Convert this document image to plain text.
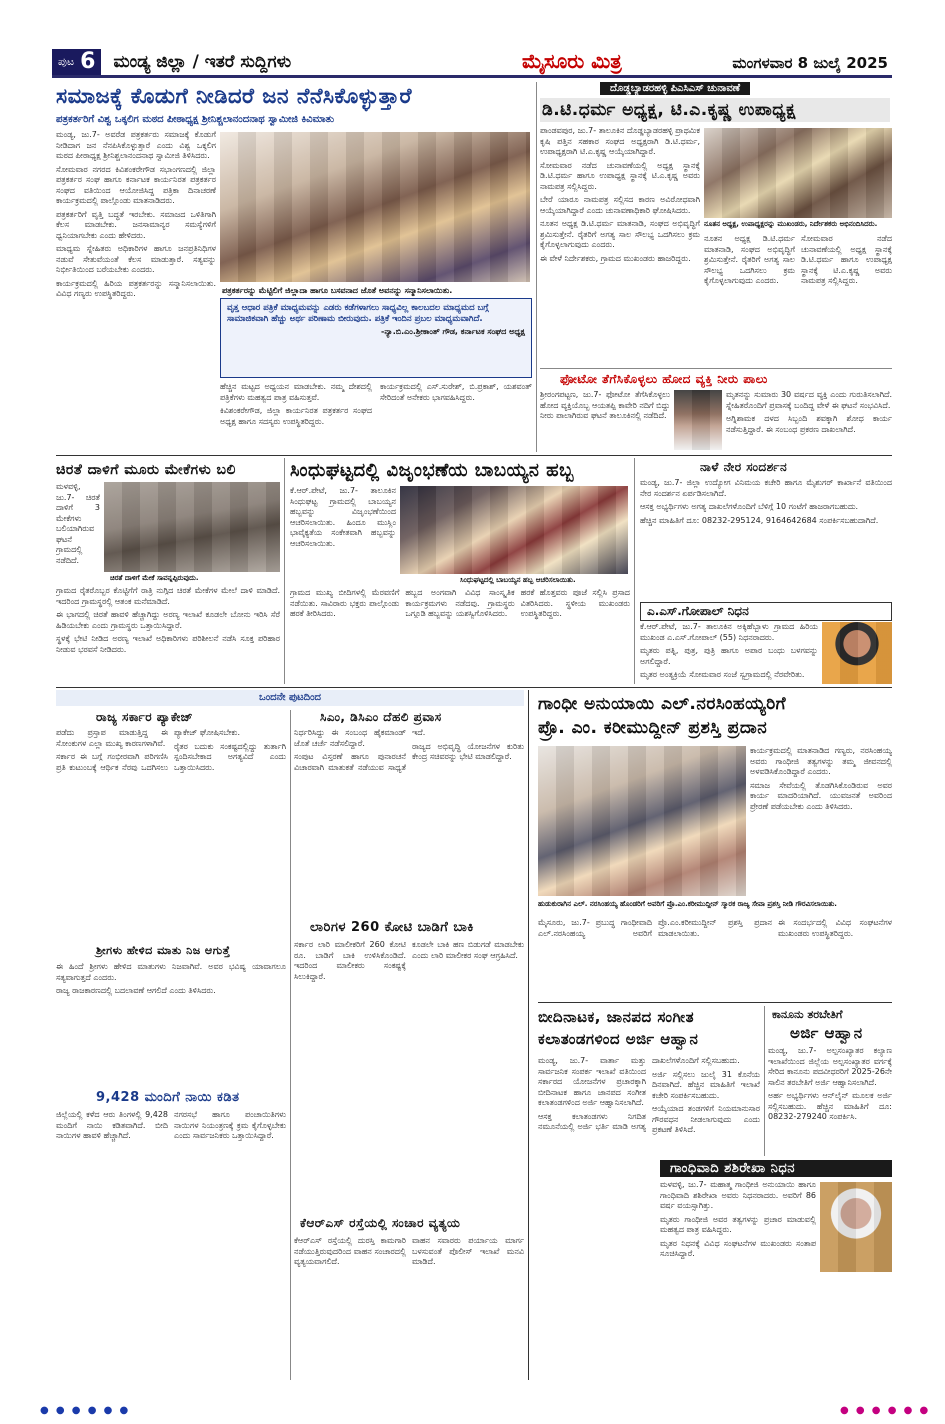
ಪುಟ 6 ಮಂಡ್ಯ ಜಿಲ್ಲಾ / ಇತರೆ ಸುದ್ದಿಗಳು	ಮೈಸೂರು ಮಿತ್ರ	ಮಂಗಳವಾರ 8 ಜುಲೈ 2025
ಸಮಾಜಕ್ಕೆ ಕೊಡುಗೆ ನೀಡಿದರೆ ಜನ ನೆನೆಸಿಕೊಳ್ಳುತ್ತಾರೆ
ಪತ್ರಕರ್ತರಿಗೆ ವಿಶ್ವ ಒಕ್ಕಲಿಗ ಮಠದ ಪೀಠಾಧ್ಯಕ್ಷ ಶ್ರೀನಿಶ್ಚಲಾನಂದನಾಥ ಸ್ವಾಮೀಜಿ ಕಿವಿಮಾತು
ಮಂಡ್ಯ, ಜು.7- ಅವರೆಡ ಪತ್ರಕರ್ತರು ಸಮಾಜಕ್ಕೆ ಕೊಡುಗೆ ನೀಡಿದಾಗ ಜನ ನೆನಪಿಸಿಕೊಳ್ಳುತ್ತಾರೆ ಎಂದು ವಿಶ್ವ ಒಕ್ಕಲಿಗ ಮಠದ ಪೀಠಾಧ್ಯಕ್ಷ ಶ್ರೀನಿಶ್ಚಲಾನಂದನಾಥ ಸ್ವಾಮೀಜಿ ತಿಳಿಸಿದರು.
ಸೋಮವಾರ ನಗರದ ಕಿವಿಶಂಕರೇಗೌಡ ಸಭಾಂಗಣದಲ್ಲಿ ಜಿಲ್ಲಾ ಪತ್ರಕರ್ತರ ಸಂಘ ಹಾಗೂ ಕರ್ನಾಟಕ ಕಾರ್ಯನಿರತ ಪತ್ರಕರ್ತರ ಸಂಘದ ವತಿಯಿಂದ ಆಯೋಜಿಸಿದ್ದ ಪತ್ರಿಕಾ ದಿನಾಚರಣೆ ಕಾರ್ಯಕ್ರಮದಲ್ಲಿ ಪಾಲ್ಗೊಂಡು ಮಾತನಾಡಿದರು.
ಪತ್ರಕರ್ತರಿಗೆ ವೃತ್ತಿ ಬದ್ಧತೆ ಇರಬೇಕು. ಸಮಾಜದ ಒಳಿತಿಗಾಗಿ ಕೆಲಸ ಮಾಡಬೇಕು. ಜನಸಾಮಾನ್ಯರ ಸಮಸ್ಯೆಗಳಿಗೆ ಧ್ವನಿಯಾಗಬೇಕು ಎಂದು ಹೇಳಿದರು.
ಮಾಧ್ಯಮ ಸ್ನೇಹಿತರು ಅಧಿಕಾರಿಗಳ ಹಾಗೂ ಜನಪ್ರತಿನಿಧಿಗಳ ನಡುವೆ ಸೇತುವೆಯಂತೆ ಕೆಲಸ ಮಾಡುತ್ತಾರೆ. ಸತ್ಯವನ್ನು ನಿರ್ಭೀತಿಯಿಂದ ಬರೆಯಬೇಕು ಎಂದರು.
ಕಾರ್ಯಕ್ರಮದಲ್ಲಿ ಹಿರಿಯ ಪತ್ರಕರ್ತರನ್ನು ಸನ್ಮಾನಿಸಲಾಯಿತು. ವಿವಿಧ ಗಣ್ಯರು ಉಪಸ್ಥಿತರಿದ್ದರು.	ಪತ್ರಕರ್ತರನ್ನು ಮೆಟ್ಟಿಲಿಗೆ ಜಿಲ್ಲಾದಾ ಹಾಗೂ ಬಸವನಾದ ಜೊತೆ ಅವನನ್ನು ಸನ್ಮಾನಿಸಲಾಯಿತು.
ವೃತ್ತ ಆಧಾರ ಪತ್ರಿಕೆ ಮಾಧ್ಯಮವನ್ನು ಎಡರು ಕಡೆಗಳಾಗಲು ಸಾಧ್ಯವಿಲ್ಲ ಕಾಲಬದಲ ಮಾಧ್ಯಮದ ಬಗ್ಗೆ ಸಾಮಾಜಿಕವಾಗಿ ಹೆಚ್ಚು ಅರ್ಥ ಪರಿಣಾಮ ಬೀರುವುದು. ಪತ್ರಿಕೆ ಇಂದಿನ ಪ್ರಬಲ ಮಾಧ್ಯಮವಾಗಿದೆ.
-ನ್ಯಾ.ಬಿ.ಎಂ.ಶ್ರೀಕಾಂತ್ ಗೌಡ, ಕರ್ನಾಟಕ ಸಂಘದ ಅಧ್ಯಕ್ಷ
ಹೆಚ್ಚಿನ ಮಟ್ಟದ ಅಧ್ಯಯನ ಮಾಡಬೇಕು. ನಮ್ಮ ದೇಶದಲ್ಲಿ ಪತ್ರಿಕೆಗಳು ಮಹತ್ವದ ಪಾತ್ರ ವಹಿಸುತ್ತವೆ.
ಕಿವಿಶಂಕರೇಗೌಡ, ಜಿಲ್ಲಾ ಕಾರ್ಯನಿರತ ಪತ್ರಕರ್ತರ ಸಂಘದ ಅಧ್ಯಕ್ಷ ಹಾಗೂ ಸದಸ್ಯರು ಉಪಸ್ಥಿತರಿದ್ದರು.
ಕಾರ್ಯಕ್ರಮದಲ್ಲಿ ಎಸ್.ಸುರೇಶ್, ಬಿ.ಪ್ರಕಾಶ್, ಯಶವಂತ್ ಸೇರಿದಂತೆ ಅನೇಕರು ಭಾಗವಹಿಸಿದ್ದರು.
ದೊಡ್ಡಬ್ಯಾಡರಹಳ್ಳಿ ಪಿಎಸಿಎಸ್ ಚುನಾವಣೆ
ಡಿ.ಟಿ.ಧರ್ಮ ಅಧ್ಯಕ್ಷ, ಟಿ.ಎ.ಕೃಷ್ಣ ಉಪಾಧ್ಯಕ್ಷ
ಪಾಂಡವಪುರ, ಜು.7- ತಾಲೂಕಿನ ದೊಡ್ಡಬ್ಯಾಡರಹಳ್ಳಿ ಪ್ರಾಥಮಿಕ ಕೃಷಿ ಪತ್ತಿನ ಸಹಕಾರ ಸಂಘದ ಅಧ್ಯಕ್ಷರಾಗಿ ಡಿ.ಟಿ.ಧರ್ಮ, ಉಪಾಧ್ಯಕ್ಷರಾಗಿ ಟಿ.ಎ.ಕೃಷ್ಣ ಆಯ್ಕೆಯಾಗಿದ್ದಾರೆ.
ಸೋಮವಾರ ನಡೆದ ಚುನಾವಣೆಯಲ್ಲಿ ಅಧ್ಯಕ್ಷ ಸ್ಥಾನಕ್ಕೆ ಡಿ.ಟಿ.ಧರ್ಮ ಹಾಗೂ ಉಪಾಧ್ಯಕ್ಷ ಸ್ಥಾನಕ್ಕೆ ಟಿ.ಎ.ಕೃಷ್ಣ ಅವರು ನಾಮಪತ್ರ ಸಲ್ಲಿಸಿದ್ದರು.
ಬೇರೆ ಯಾರೂ ನಾಮಪತ್ರ ಸಲ್ಲಿಸದ ಕಾರಣ ಅವಿರೋಧವಾಗಿ ಆಯ್ಕೆಯಾಗಿದ್ದಾರೆ ಎಂದು ಚುನಾವಣಾಧಿಕಾರಿ ಘೋಷಿಸಿದರು.
ನೂತನ ಅಧ್ಯಕ್ಷ ಡಿ.ಟಿ.ಧರ್ಮ ಮಾತನಾಡಿ, ಸಂಘದ ಅಭಿವೃದ್ಧಿಗೆ ಶ್ರಮಿಸುತ್ತೇನೆ. ರೈತರಿಗೆ ಅಗತ್ಯ ಸಾಲ ಸೌಲಭ್ಯ ಒದಗಿಸಲು ಕ್ರಮ ಕೈಗೊಳ್ಳಲಾಗುವುದು ಎಂದರು.
ಈ ವೇಳೆ ನಿರ್ದೇಶಕರು, ಗ್ರಾಮದ ಮುಖಂಡರು ಹಾಜರಿದ್ದರು.
ನೂತನ ಅಧ್ಯಕ್ಷ, ಉಪಾಧ್ಯಕ್ಷರನ್ನು ಮುಖಂಡರು, ನಿರ್ದೇಶಕರು ಅಭಿನಂದಿಸಿದರು.
ನೂತನ ಅಧ್ಯಕ್ಷ ಡಿ.ಟಿ.ಧರ್ಮ ಮಾತನಾಡಿ, ಸಂಘದ ಅಭಿವೃದ್ಧಿಗೆ ಶ್ರಮಿಸುತ್ತೇನೆ. ರೈತರಿಗೆ ಅಗತ್ಯ ಸಾಲ ಸೌಲಭ್ಯ ಒದಗಿಸಲು ಕ್ರಮ ಕೈಗೊಳ್ಳಲಾಗುವುದು ಎಂದರು.
ಸೋಮವಾರ ನಡೆದ ಚುನಾವಣೆಯಲ್ಲಿ ಅಧ್ಯಕ್ಷ ಸ್ಥಾನಕ್ಕೆ ಡಿ.ಟಿ.ಧರ್ಮ ಹಾಗೂ ಉಪಾಧ್ಯಕ್ಷ ಸ್ಥಾನಕ್ಕೆ ಟಿ.ಎ.ಕೃಷ್ಣ ಅವರು ನಾಮಪತ್ರ ಸಲ್ಲಿಸಿದ್ದರು.
ಫೋಟೋ ತೆಗೆಸಿಕೊಳ್ಳಲು ಹೋದ ವ್ಯಕ್ತಿ ನೀರು ಪಾಲು
ಶ್ರೀರಂಗಪಟ್ಟಣ, ಜು.7- ಫೋಟೋ ತೆಗೆಸಿಕೊಳ್ಳಲು ಹೋದ ವ್ಯಕ್ತಿಯೊಬ್ಬ ಆಯತಪ್ಪಿ ಕಾವೇರಿ ನದಿಗೆ ಬಿದ್ದು ನೀರು ಪಾಲಾಗಿರುವ ಘಟನೆ ತಾಲೂಕಿನಲ್ಲಿ ನಡೆದಿದೆ.
ಮೃತನನ್ನು ಸುಮಾರು 30 ವರ್ಷದ ವ್ಯಕ್ತಿ ಎಂದು ಗುರುತಿಸಲಾಗಿದೆ. ಸ್ನೇಹಿತರೊಂದಿಗೆ ಪ್ರವಾಸಕ್ಕೆ ಬಂದಿದ್ದ ವೇಳೆ ಈ ಘಟನೆ ಸಂಭವಿಸಿದೆ.
ಅಗ್ನಿಶಾಮಕ ದಳದ ಸಿಬ್ಬಂದಿ ಶವಕ್ಕಾಗಿ ಶೋಧ ಕಾರ್ಯ ನಡೆಸುತ್ತಿದ್ದಾರೆ. ಈ ಸಂಬಂಧ ಪ್ರಕರಣ ದಾಖಲಾಗಿದೆ.
ಚಿರತೆ ದಾಳಿಗೆ ಮೂರು ಮೇಕೆಗಳು ಬಲಿ
ಮಳವಳ್ಳಿ, ಜು.7- ಚಿರತೆ ದಾಳಿಗೆ 3 ಮೇಕೆಗಳು ಬಲಿಯಾಗಿರುವ ಘಟನೆ ಗ್ರಾಮದಲ್ಲಿ ನಡೆದಿದೆ.
ಚಿರತೆ ದಾಳಿಗೆ ಮೇಕೆ ಸಾವನ್ನಪ್ಪಿರುವುದು.
ಗ್ರಾಮದ ರೈತರೊಬ್ಬರ ಕೊಟ್ಟಿಗೆಗೆ ರಾತ್ರಿ ನುಗ್ಗಿದ ಚಿರತೆ ಮೇಕೆಗಳ ಮೇಲೆ ದಾಳಿ ಮಾಡಿದೆ. ಇದರಿಂದ ಗ್ರಾಮಸ್ಥರಲ್ಲಿ ಆತಂಕ ಮನೆಮಾಡಿದೆ.
ಈ ಭಾಗದಲ್ಲಿ ಚಿರತೆ ಹಾವಳಿ ಹೆಚ್ಚಾಗಿದ್ದು ಅರಣ್ಯ ಇಲಾಖೆ ಕೂಡಲೇ ಬೋನು ಇರಿಸಿ ಸೆರೆ ಹಿಡಿಯಬೇಕು ಎಂದು ಗ್ರಾಮಸ್ಥರು ಒತ್ತಾಯಿಸಿದ್ದಾರೆ.
ಸ್ಥಳಕ್ಕೆ ಭೇಟಿ ನೀಡಿದ ಅರಣ್ಯ ಇಲಾಖೆ ಅಧಿಕಾರಿಗಳು ಪರಿಶೀಲನೆ ನಡೆಸಿ ಸೂಕ್ತ ಪರಿಹಾರ ನೀಡುವ ಭರವಸೆ ನೀಡಿದರು.
ಸಿಂಧುಘಟ್ಟದಲ್ಲಿ ವಿಜೃಂಭಣೆಯ ಬಾಬಯ್ಯನ ಹಬ್ಬ
ಕೆ.ಆರ್.ಪೇಟೆ, ಜು.7- ತಾಲೂಕಿನ ಸಿಂಧುಘಟ್ಟ ಗ್ರಾಮದಲ್ಲಿ ಬಾಬಯ್ಯನ ಹಬ್ಬವನ್ನು ವಿಜೃಂಭಣೆಯಿಂದ ಆಚರಿಸಲಾಯಿತು. ಹಿಂದೂ ಮುಸ್ಲಿಂ ಭಾವೈಕ್ಯತೆಯ ಸಂಕೇತವಾಗಿ ಹಬ್ಬವನ್ನು ಆಚರಿಸಲಾಯಿತು.
ಸಿಂಧುಘಟ್ಟದಲ್ಲಿ ಬಾಬಯ್ಯನ ಹಬ್ಬ ಆಚರಿಸಲಾಯಿತು.
ಗ್ರಾಮದ ಮುಖ್ಯ ಬೀದಿಗಳಲ್ಲಿ ಮೆರವಣಿಗೆ ನಡೆಯಿತು. ಸಾವಿರಾರು ಭಕ್ತರು ಪಾಲ್ಗೊಂಡು ಹರಕೆ ತೀರಿಸಿದರು.
ಹಬ್ಬದ ಅಂಗವಾಗಿ ವಿವಿಧ ಸಾಂಸ್ಕೃತಿಕ ಕಾರ್ಯಕ್ರಮಗಳು ನಡೆದವು. ಗ್ರಾಮಸ್ಥರು ಒಗ್ಗೂಡಿ ಹಬ್ಬವನ್ನು ಯಶಸ್ವಿಗೊಳಿಸಿದರು.
ಹರಕೆ ಹೊತ್ತವರು ಪೂಜೆ ಸಲ್ಲಿಸಿ ಪ್ರಸಾದ ವಿತರಿಸಿದರು. ಸ್ಥಳೀಯ ಮುಖಂಡರು ಉಪಸ್ಥಿತರಿದ್ದರು.
ನಾಳೆ ನೇರ ಸಂದರ್ಶನ
ಮಂಡ್ಯ, ಜು.7- ಜಿಲ್ಲಾ ಉದ್ಯೋಗ ವಿನಿಮಯ ಕಚೇರಿ ಹಾಗೂ ಮೈಶುಗರ್ ಕಾರ್ಖಾನೆ ವತಿಯಿಂದ ನೇರ ಸಂದರ್ಶನ ಏರ್ಪಡಿಸಲಾಗಿದೆ.
ಆಸಕ್ತ ಅಭ್ಯರ್ಥಿಗಳು ಅಗತ್ಯ ದಾಖಲೆಗಳೊಂದಿಗೆ ಬೆಳಿಗ್ಗೆ 10 ಗಂಟೆಗೆ ಹಾಜರಾಗಬಹುದು.
ಹೆಚ್ಚಿನ ಮಾಹಿತಿಗೆ ದೂ: 08232-295124, 9164642684 ಸಂಪರ್ಕಿಸಬಹುದಾಗಿದೆ.
ಎ.ಎಸ್.ಗೋಪಾಲ್ ನಿಧನ
ಕೆ.ಆರ್.ಪೇಟೆ, ಜು.7- ತಾಲೂಕಿನ ಅಕ್ಕಿಹೆಬ್ಬಾಳು ಗ್ರಾಮದ ಹಿರಿಯ ಮುಖಂಡ ಎ.ಎಸ್.ಗೋಪಾಲ್ (55) ನಿಧನರಾದರು.
ಮೃತರು ಪತ್ನಿ, ಪುತ್ರ, ಪುತ್ರಿ ಹಾಗೂ ಅಪಾರ ಬಂಧು ಬಳಗವನ್ನು ಅಗಲಿದ್ದಾರೆ.
ಮೃತರ ಅಂತ್ಯಕ್ರಿಯೆ ಸೋಮವಾರ ಸಂಜೆ ಸ್ವಗ್ರಾಮದಲ್ಲಿ ನೆರವೇರಿತು.
ಒಂದನೇ ಪುಟದಿಂದ
ರಾಜ್ಯ ಸರ್ಕಾರ ಪ್ಯಾಕೇಜ್
ಪಡೆದು ಪ್ರಸ್ತಾಪ ಮಾಡುತ್ತಿದ್ದ ಈ ಸೋಂಕುಗಳ ಎಲ್ಲಾ ಮುಖ್ಯ ಕಾರಣಗಳಾಗಿವೆ.
ಸರ್ಕಾರ ಈ ಬಗ್ಗೆ ಗಂಭೀರವಾಗಿ ಪರಿಗಣಿಸಿ ಪ್ರತಿ ಕುಟುಂಬಕ್ಕೆ ಆರ್ಥಿಕ ನೆರವು ಒದಗಿಸಲು ಪ್ಯಾಕೇಜ್ ಘೋಷಿಸಬೇಕು.
ರೈತರ ಬದುಕು ಸಂಕಷ್ಟದಲ್ಲಿದ್ದು ತುರ್ತಾಗಿ ಸ್ಪಂದಿಸಬೇಕಾದ ಅಗತ್ಯವಿದೆ ಎಂದು ಒತ್ತಾಯಿಸಿದರು.
ಶ್ರೀಗಳು ಹೇಳಿದ ಮಾತು ನಿಜ ಆಗುತ್ತೆ
ಈ ಹಿಂದೆ ಶ್ರೀಗಳು ಹೇಳಿದ ಮಾತುಗಳು ನಿಜವಾಗಿವೆ. ಅವರ ಭವಿಷ್ಯ ಯಾವಾಗಲೂ ಸತ್ಯವಾಗುತ್ತದೆ ಎಂದರು.
ರಾಜ್ಯ ರಾಜಕಾರಣದಲ್ಲಿ ಬದಲಾವಣೆ ಆಗಲಿದೆ ಎಂದು ತಿಳಿಸಿದರು.
9,428 ಮಂದಿಗೆ ನಾಯಿ ಕಡಿತ
ಜಿಲ್ಲೆಯಲ್ಲಿ ಕಳೆದ ಆರು ತಿಂಗಳಲ್ಲಿ 9,428 ಮಂದಿಗೆ ನಾಯಿ ಕಡಿತವಾಗಿದೆ. ಬೀದಿ ನಾಯಿಗಳ ಹಾವಳಿ ಹೆಚ್ಚಾಗಿದೆ.
ನಗರಸಭೆ ಹಾಗೂ ಪಂಚಾಯಿತಿಗಳು ನಾಯಿಗಳ ನಿಯಂತ್ರಣಕ್ಕೆ ಕ್ರಮ ಕೈಗೊಳ್ಳಬೇಕು ಎಂದು ಸಾರ್ವಜನಿಕರು ಒತ್ತಾಯಿಸಿದ್ದಾರೆ.
ಸಿಎಂ, ಡಿಸಿಎಂ ದೆಹಲಿ ಪ್ರವಾಸ
ನಿರ್ಧರಿಸಿದ್ದು ಈ ಸಂಬಂಧ ಹೈಕಮಾಂಡ್ ಜೊತೆ ಚರ್ಚೆ ನಡೆಸಲಿದ್ದಾರೆ.
ಸಂಪುಟ ವಿಸ್ತರಣೆ ಹಾಗೂ ಪುನಾರಚನೆ ವಿಚಾರವಾಗಿ ಮಾತುಕತೆ ನಡೆಯುವ ಸಾಧ್ಯತೆ ಇದೆ.
ರಾಜ್ಯದ ಅಭಿವೃದ್ಧಿ ಯೋಜನೆಗಳ ಕುರಿತು ಕೇಂದ್ರ ಸಚಿವರನ್ನು ಭೇಟಿ ಮಾಡಲಿದ್ದಾರೆ.
ಲಾರಿಗಳ 260 ಕೋಟಿ ಬಾಡಿಗೆ ಬಾಕಿ
ಸರ್ಕಾರ ಲಾರಿ ಮಾಲೀಕರಿಗೆ 260 ಕೋಟಿ ರೂ. ಬಾಡಿಗೆ ಬಾಕಿ ಉಳಿಸಿಕೊಂಡಿದೆ. ಇದರಿಂದ ಮಾಲೀಕರು ಸಂಕಷ್ಟಕ್ಕೆ ಸಿಲುಕಿದ್ದಾರೆ.
ಕೂಡಲೇ ಬಾಕಿ ಹಣ ಬಿಡುಗಡೆ ಮಾಡಬೇಕು ಎಂದು ಲಾರಿ ಮಾಲೀಕರ ಸಂಘ ಆಗ್ರಹಿಸಿದೆ.
ಕೆಆರ್‌ಎಸ್ ರಸ್ತೆಯಲ್ಲಿ ಸಂಚಾರ ವ್ಯತ್ಯಯ
ಕೆಆರ್‌ಎಸ್ ರಸ್ತೆಯಲ್ಲಿ ದುರಸ್ತಿ ಕಾಮಗಾರಿ ನಡೆಯುತ್ತಿರುವುದರಿಂದ ವಾಹನ ಸಂಚಾರದಲ್ಲಿ ವ್ಯತ್ಯಯವಾಗಲಿದೆ.
ವಾಹನ ಸವಾರರು ಪರ್ಯಾಯ ಮಾರ್ಗ ಬಳಸುವಂತೆ ಪೊಲೀಸ್ ಇಲಾಖೆ ಮನವಿ ಮಾಡಿದೆ.
ಗಾಂಧೀ ಅನುಯಾಯಿ ಎಲ್.ನರಸಿಂಹಯ್ಯರಿಗೆ
ಪ್ರೊ. ಎಂ. ಕರೀಮುದ್ದೀನ್ ಪ್ರಶಸ್ತಿ ಪ್ರದಾನ
ಹುಡುಕುರಾಗಿನ ಎಲ್. ನರಸಿಂಹಯ್ಯ ಹೊಂಡರಿಗೆ ಅವರಿಗೆ ಪ್ರೊ.ಎಂ.ಕರೀಮುದ್ದೀನ್ ಸ್ಮಾರಕ ರಾಜ್ಯ ಸೇವಾ ಪ್ರಶಸ್ತಿ ನೀಡಿ ಗೌರವಿಸಲಾಯಿತು.
ಕಾರ್ಯಕ್ರಮದಲ್ಲಿ ಮಾತನಾಡಿದ ಗಣ್ಯರು, ನರಸಿಂಹಯ್ಯ ಅವರು ಗಾಂಧೀಜಿ ತತ್ವಗಳನ್ನು ತಮ್ಮ ಜೀವನದಲ್ಲಿ ಅಳವಡಿಸಿಕೊಂಡಿದ್ದಾರೆ ಎಂದರು.
ಸಮಾಜ ಸೇವೆಯಲ್ಲಿ ತೊಡಗಿಸಿಕೊಂಡಿರುವ ಅವರ ಕಾರ್ಯ ಮಾದರಿಯಾಗಿದೆ. ಯುವಜನತೆ ಅವರಿಂದ ಪ್ರೇರಣೆ ಪಡೆಯಬೇಕು ಎಂದು ತಿಳಿಸಿದರು.
ಮೈಸೂರು, ಜು.7- ಪ್ರಬುದ್ಧ ಗಾಂಧೀವಾದಿ ಎಲ್.ನರಸಿಂಹಯ್ಯ ಅವರಿಗೆ ಪ್ರೊ.ಎಂ.ಕರೀಮುದ್ದೀನ್ ಪ್ರಶಸ್ತಿ ಪ್ರದಾನ ಮಾಡಲಾಯಿತು.
ಈ ಸಂದರ್ಭದಲ್ಲಿ ವಿವಿಧ ಸಂಘಟನೆಗಳ ಮುಖಂಡರು ಉಪಸ್ಥಿತರಿದ್ದರು.
ಬೀದಿನಾಟಕ, ಜಾನಪದ ಸಂಗೀತ
ಕಲಾತಂಡಗಳಿಂದ ಅರ್ಜಿ ಆಹ್ವಾನ
ಮಂಡ್ಯ, ಜು.7- ವಾರ್ತಾ ಮತ್ತು ಸಾರ್ವಜನಿಕ ಸಂಪರ್ಕ ಇಲಾಖೆ ವತಿಯಿಂದ ಸರ್ಕಾರದ ಯೋಜನೆಗಳ ಪ್ರಚಾರಕ್ಕಾಗಿ ಬೀದಿನಾಟಕ ಹಾಗೂ ಜಾನಪದ ಸಂಗೀತ ಕಲಾತಂಡಗಳಿಂದ ಅರ್ಜಿ ಆಹ್ವಾನಿಸಲಾಗಿದೆ.
ಆಸಕ್ತ ಕಲಾತಂಡಗಳು ನಿಗದಿತ ನಮೂನೆಯಲ್ಲಿ ಅರ್ಜಿ ಭರ್ತಿ ಮಾಡಿ ಅಗತ್ಯ ದಾಖಲೆಗಳೊಂದಿಗೆ ಸಲ್ಲಿಸಬಹುದು.
ಅರ್ಜಿ ಸಲ್ಲಿಸಲು ಜುಲೈ 31 ಕೊನೆಯ ದಿನವಾಗಿದೆ. ಹೆಚ್ಚಿನ ಮಾಹಿತಿಗೆ ಇಲಾಖೆ ಕಚೇರಿ ಸಂಪರ್ಕಿಸಬಹುದು.
ಆಯ್ಕೆಯಾದ ತಂಡಗಳಿಗೆ ನಿಯಮಾನುಸಾರ ಗೌರವಧನ ನೀಡಲಾಗುವುದು ಎಂದು ಪ್ರಕಟಣೆ ತಿಳಿಸಿದೆ.
ಕಾನೂನು ತರಬೇತಿಗೆ
ಅರ್ಜಿ ಆಹ್ವಾನ
ಮಂಡ್ಯ, ಜು.7- ಅಲ್ಪಸಂಖ್ಯಾತರ ಕಲ್ಯಾಣ ಇಲಾಖೆಯಿಂದ ಜಿಲ್ಲೆಯ ಅಲ್ಪಸಂಖ್ಯಾತರ ವರ್ಗಕ್ಕೆ ಸೇರಿದ ಕಾನೂನು ಪದವೀಧರರಿಗೆ 2025-26ನೇ ಸಾಲಿನ ತರಬೇತಿಗೆ ಅರ್ಜಿ ಆಹ್ವಾನಿಸಲಾಗಿದೆ.
ಅರ್ಹ ಅಭ್ಯರ್ಥಿಗಳು ಆನ್‌ಲೈನ್ ಮೂಲಕ ಅರ್ಜಿ ಸಲ್ಲಿಸಬಹುದು. ಹೆಚ್ಚಿನ ಮಾಹಿತಿಗೆ ದೂ: 08232-279240 ಸಂಪರ್ಕಿಸಿ.
ಗಾಂಧಿವಾದಿ ಶಶಿರೇಖಾ ನಿಧನ
ಮಳವಳ್ಳಿ, ಜು.7- ಮಹಾತ್ಮ ಗಾಂಧೀಜಿ ಅನುಯಾಯಿ ಹಾಗೂ ಗಾಂಧಿವಾದಿ ಶಶಿರೇಖಾ ಅವರು ನಿಧನರಾದರು. ಅವರಿಗೆ 86 ವರ್ಷ ವಯಸ್ಸಾಗಿತ್ತು.
ಮೃತರು ಗಾಂಧೀಜಿ ಅವರ ತತ್ವಗಳನ್ನು ಪ್ರಚಾರ ಮಾಡುವಲ್ಲಿ ಮಹತ್ವದ ಪಾತ್ರ ವಹಿಸಿದ್ದರು.
ಮೃತರ ನಿಧನಕ್ಕೆ ವಿವಿಧ ಸಂಘಟನೆಗಳ ಮುಖಂಡರು ಸಂತಾಪ ಸೂಚಿಸಿದ್ದಾರೆ.
● ● ● ● ● ●	● ● ● ● ● ●
